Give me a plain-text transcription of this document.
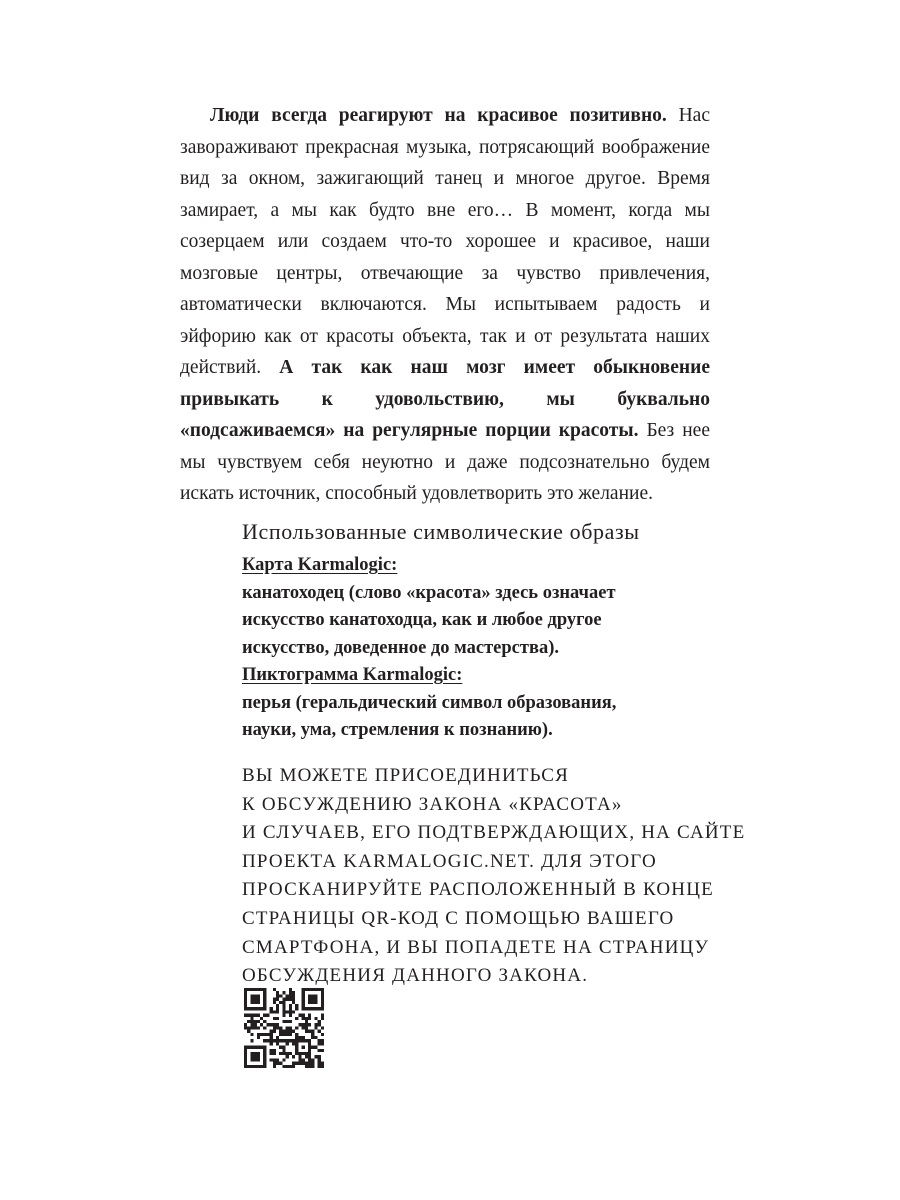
Люди всегда реагируют на красивое позитивно. Нас завораживают прекрасная музыка, потрясающий воображение вид за окном, зажигающий танец и многое другое. Время замирает, а мы как будто вне его… В момент, когда мы созерцаем или создаем что-то хорошее и красивое, наши мозговые центры, отвечающие за чувство привлечения, автоматически включаются. Мы испытываем радость и эйфорию как от красоты объекта, так и от результата наших действий. А так как наш мозг имеет обыкновение привыкать к удовольствию, мы буквально «подсаживаемся» на регулярные порции красоты. Без нее мы чувствуем себя неуютно и даже подсознательно будем искать источник, способный удовлетворить это желание.

Использованные символические образы

Карта Karmalogic:

канатоходец (слово «красота» здесь означает

искусство канатоходца, как и любое другое

искусство, доведенное до мастерства).

Пиктограмма Karmalogic:

перья (геральдический символ образования,

науки, ума, стремления к познанию).

ВЫ МОЖЕТЕ ПРИСОЕДИНИТЬСЯ

К ОБСУЖДЕНИЮ ЗАКОНА «КРАСОТА»

И СЛУЧАЕВ, ЕГО ПОДТВЕРЖДАЮЩИХ, НА САЙТЕ

ПРОЕКТА KARMALOGIC.NET. ДЛЯ ЭТОГО

ПРОСКАНИРУЙТЕ РАСПОЛОЖЕННЫЙ В КОНЦЕ

СТРАНИЦЫ QR-КОД С ПОМОЩЬЮ ВАШЕГО

СМАРТФОНА, И ВЫ ПОПАДЕТЕ НА СТРАНИЦУ

ОБСУЖДЕНИЯ ДАННОГО ЗАКОНА.
